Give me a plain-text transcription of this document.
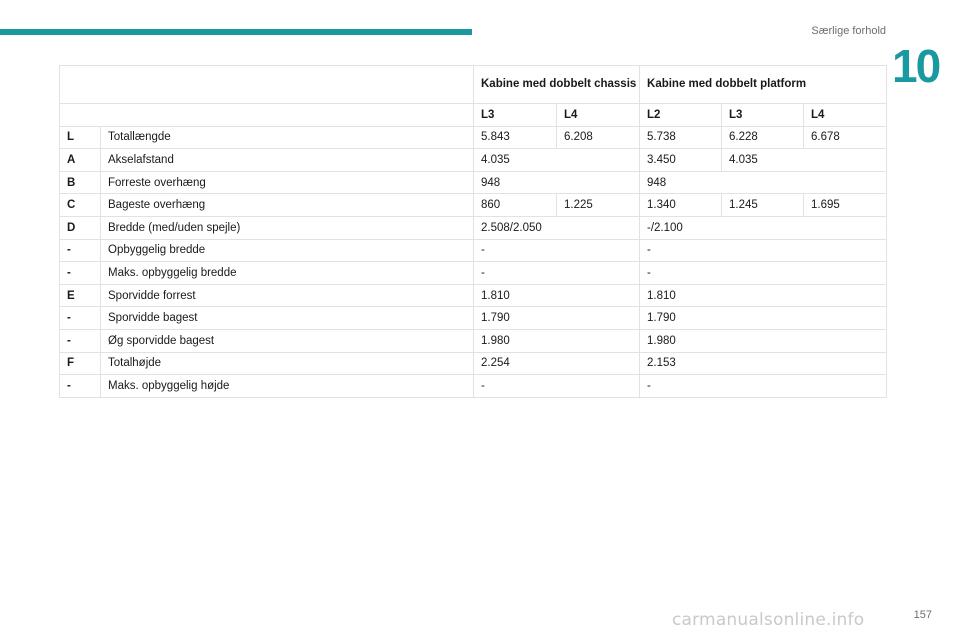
Særlige forhold
10
		Kabine med dobbelt chassis		Kabine med dobbelt platform		
		L3	L4	L2	L3	L4
L	Totallængde	5.843	6.208	5.738	6.228	6.678
A	Akselafstand	4.035		3.450	4.035	
B	Forreste overhæng	948		948		
C	Bageste overhæng	860	1.225	1.340	1.245	1.695
D	Bredde (med/uden spejle)	2.508/2.050		-/2.100		
-	Opbyggelig bredde	-		-		
-	Maks. opbyggelig bredde	-		-		
E	Sporvidde forrest	1.810		1.810		
-	Sporvidde bagest	1.790		1.790		
-	Øg sporvidde bagest	1.980		1.980		
F	Totalhøjde	2.254		2.153		
-	Maks. opbyggelig højde	-		-		
carmanualsonline.info	157
